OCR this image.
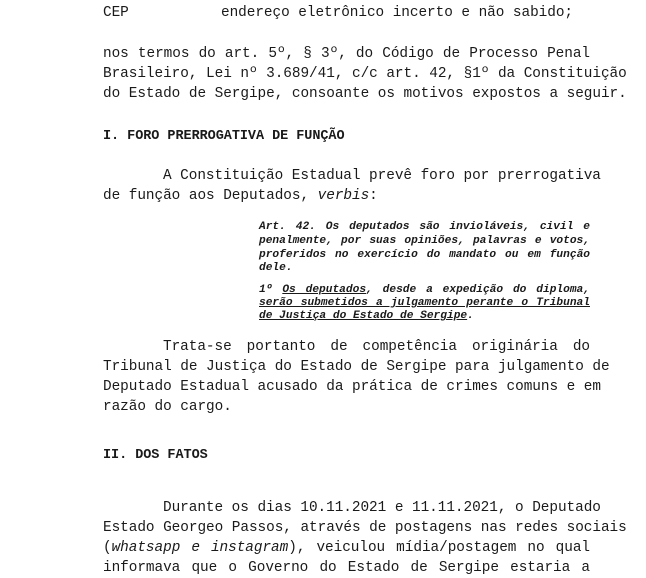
CEP	endereço eletrônico incerto e não sabido;
nos termos do art. 5º, § 3º, do Código de Processo Penal
Brasileiro, Lei nº 3.689/41, c/c art. 42, §1º da Constituição
do Estado de Sergipe, consoante os motivos expostos a seguir.
I. FORO PRERROGATIVA DE FUNÇÃO
A Constituição Estadual prevê foro por prerrogativa
de função aos Deputados, verbis:
Art. 42. Os deputados são invioláveis, civil e
penalmente, por suas opiniões, palavras e votos,
proferidos no exercício do mandato ou em função
dele.
1º Os deputados, desde a expedição do diploma,
serão submetidos a julgamento perante o Tribunal
de Justiça do Estado de Sergipe.
Trata-se portanto de competência originária do
Tribunal de Justiça do Estado de Sergipe para julgamento de
Deputado Estadual acusado da prática de crimes comuns e em
razão do cargo.
II. DOS FATOS
Durante os dias 10.11.2021 e 11.11.2021, o Deputado
Estado Georgeo Passos, através de postagens nas redes sociais
(whatsapp e instagram), veiculou mídia/postagem no qual
informava que o Governo do Estado de Sergipe estaria a
